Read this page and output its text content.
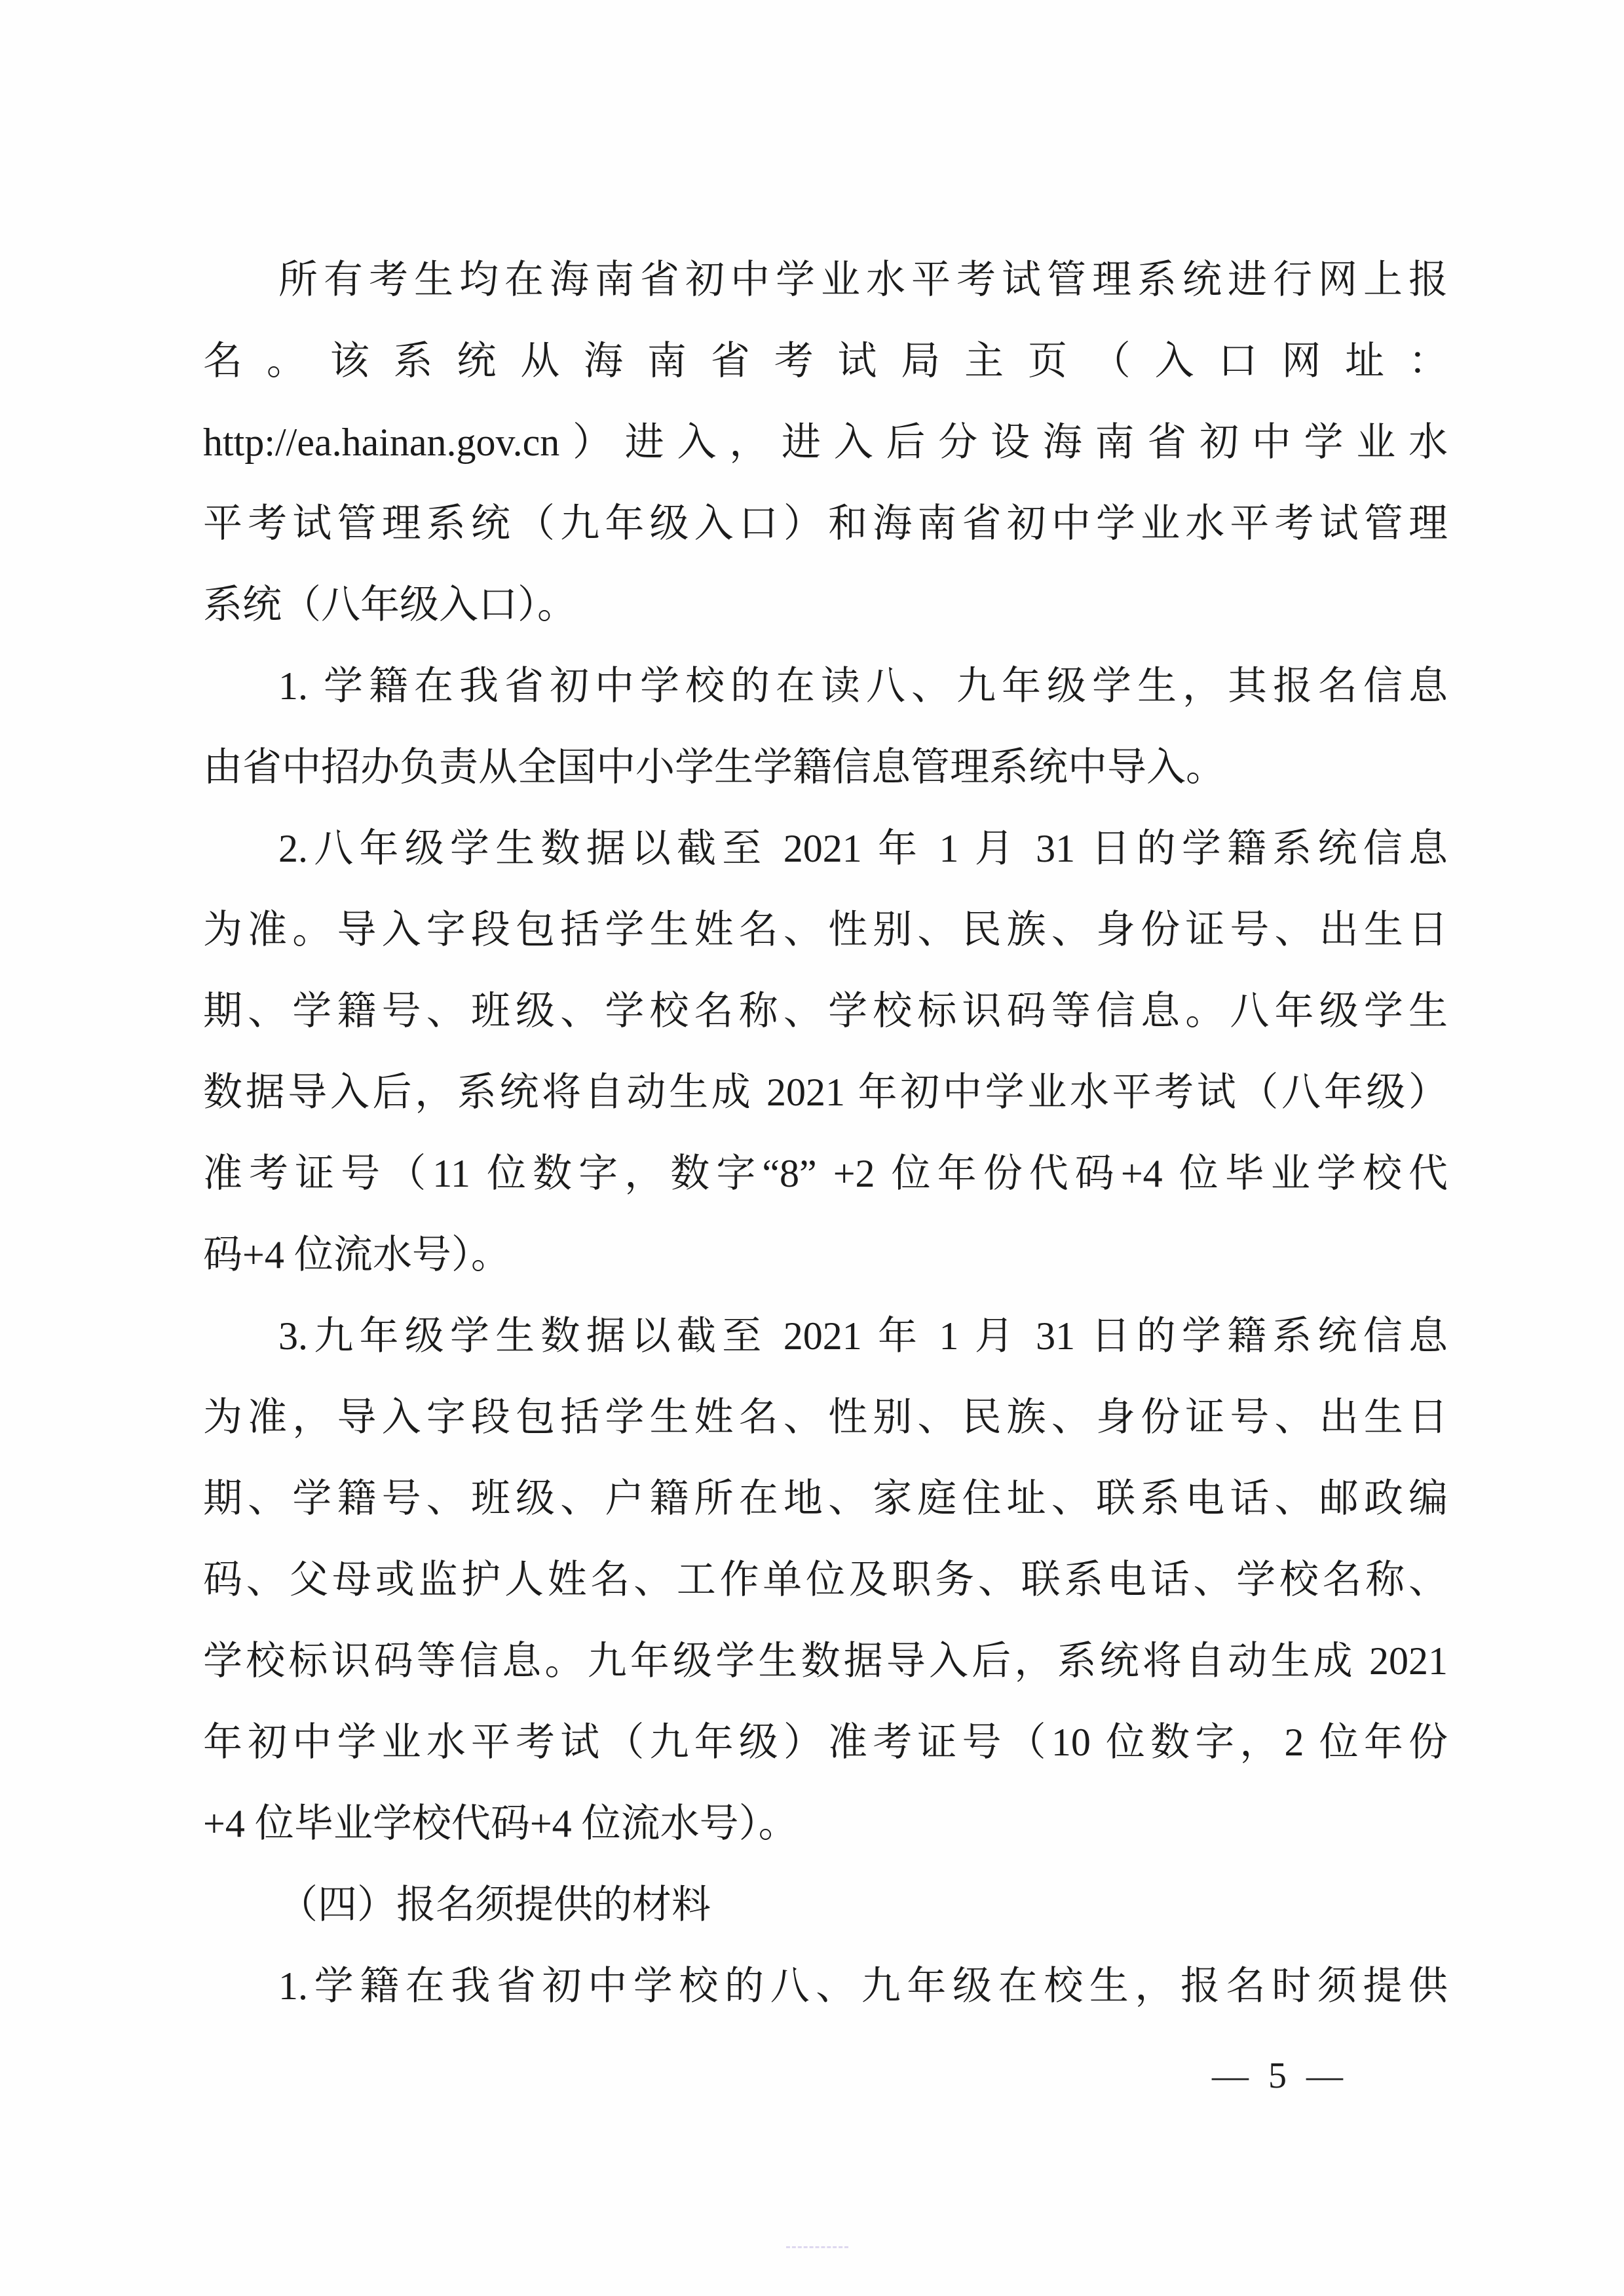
所有考生均在海南省初中学业水平考试管理系统进行网上报
名。该系统从海南省考试局主页（入口网址：
http://ea.hainan.gov.cn）进入，进入后分设海南省初中学业水
平考试管理系统（九年级入口）和海南省初中学业水平考试管理
系统（八年级入口）。
1. 学籍在我省初中学校的在读八、九年级学生，其报名信息
由省中招办负责从全国中小学生学籍信息管理系统中导入。
2.八年级学生数据以截至 2021 年 1 月 31 日的学籍系统信息
为准。导入字段包括学生姓名、性别、民族、身份证号、出生日
期、学籍号、班级、学校名称、学校标识码等信息。八年级学生
数据导入后，系统将自动生成 2021 年初中学业水平考试（八年级）
准考证号（11 位数字，数字“8” +2 位年份代码+4 位毕业学校代
码+4 位流水号）。
3.九年级学生数据以截至 2021 年 1 月 31 日的学籍系统信息
为准，导入字段包括学生姓名、性别、民族、身份证号、出生日
期、学籍号、班级、户籍所在地、家庭住址、联系电话、邮政编
码、父母或监护人姓名、工作单位及职务、联系电话、学校名称、
学校标识码等信息。九年级学生数据导入后，系统将自动生成 2021
年初中学业水平考试（九年级）准考证号（10 位数字，2 位年份
+4 位毕业学校代码+4 位流水号）。
（四）报名须提供的材料
1.学籍在我省初中学校的八、九年级在校生，报名时须提供
— 5 —
